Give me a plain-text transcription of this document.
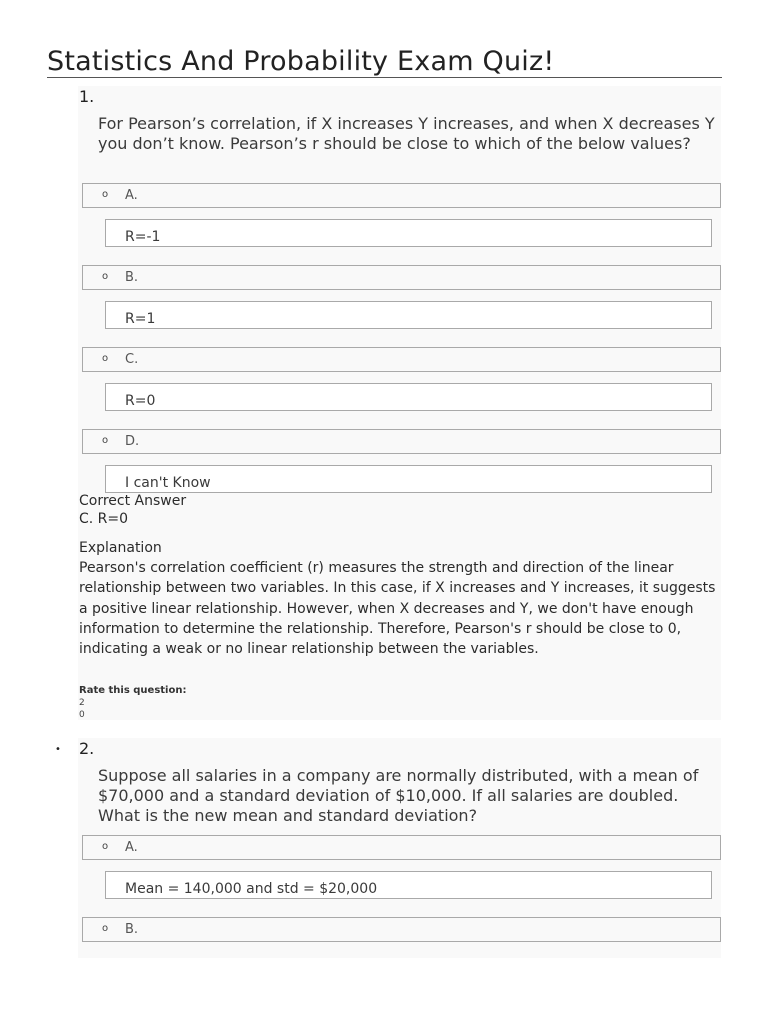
Statistics And Probability Exam Quiz!
1.
For Pearson’s correlation, if X increases Y increases, and when X decreases Y you don’t know. Pearson’s r should be close to which of the below values?
o A.
R=-1
o B.
R=1
o C.
R=0
o D.
I can't Know
Correct Answer
C. R=0
Explanation
Pearson's correlation coefficient (r) measures the strength and direction of the linear relationship between two variables. In this case, if X increases and Y increases, it suggests a positive linear relationship. However, when X decreases and Y, we don't have enough information to determine the relationship. Therefore, Pearson's r should be close to 0, indicating a weak or no linear relationship between the variables.
Rate this question:
2
0
• 2.
Suppose all salaries in a company are normally distributed, with a mean of $70,000 and a standard deviation of $10,000. If all salaries are doubled. What is the new mean and standard deviation?
o A.
Mean = 140,000 and std = $20,000
o B.
